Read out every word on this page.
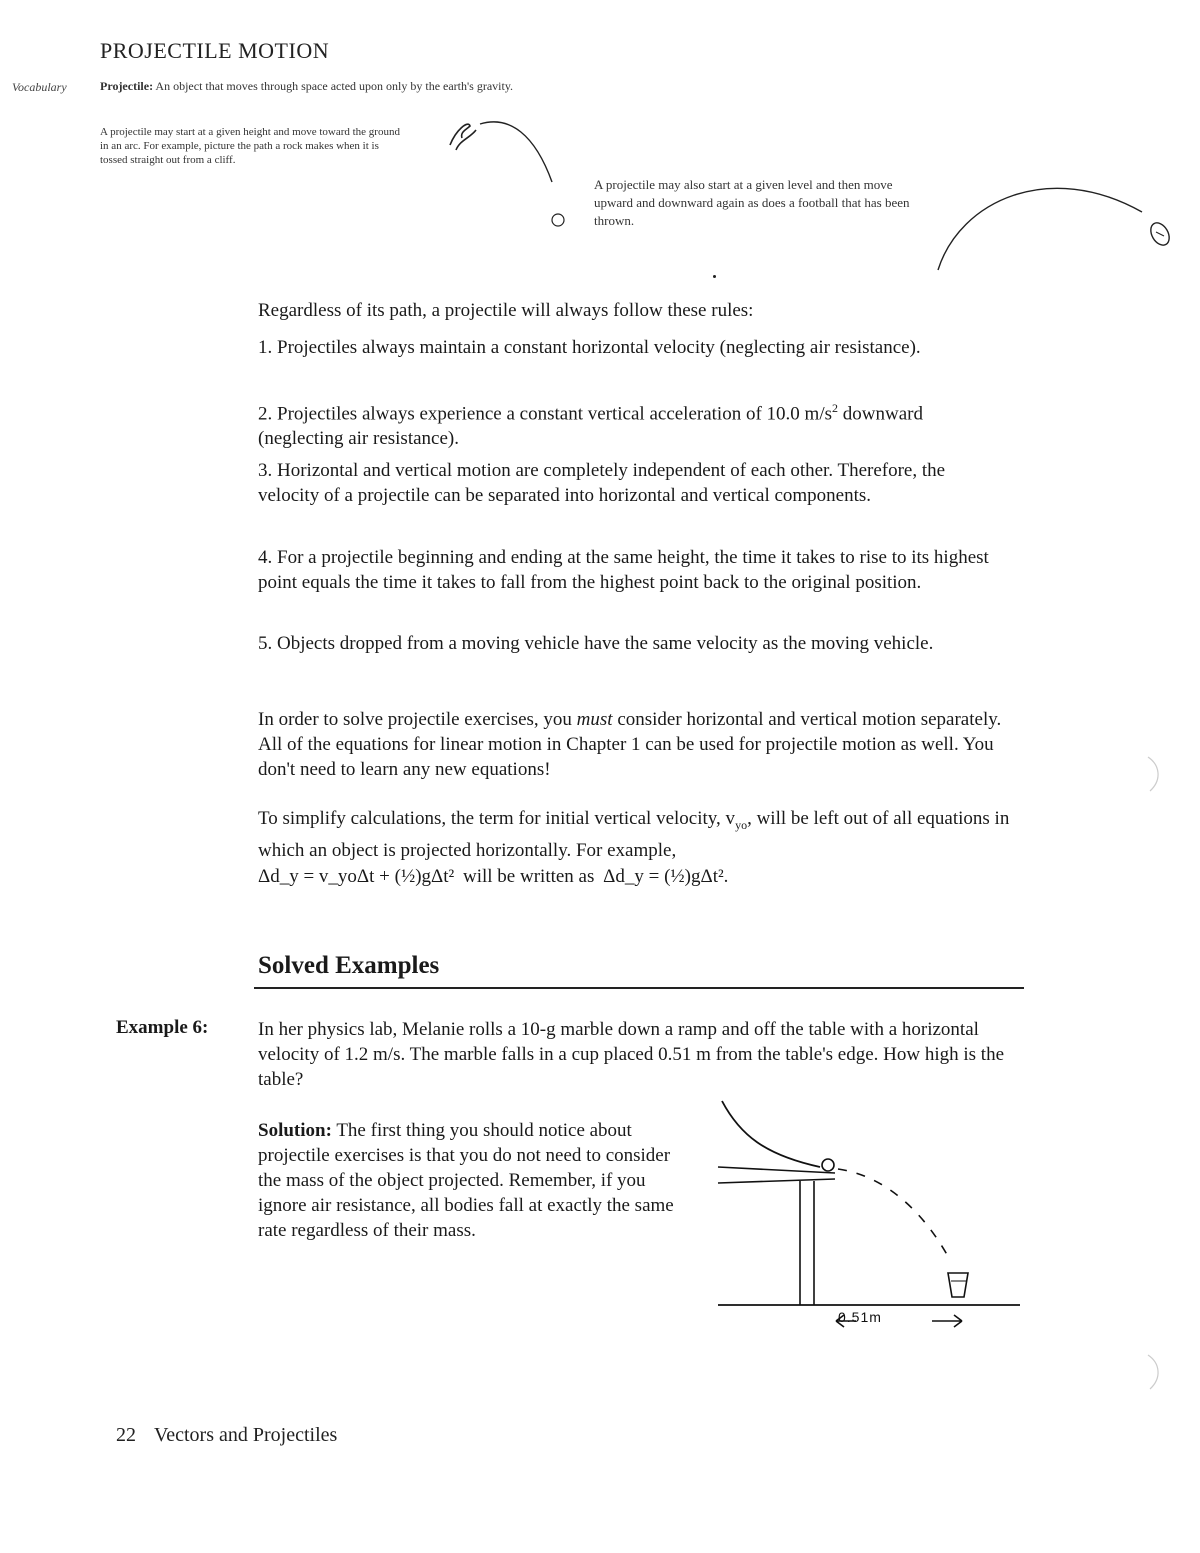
PROJECTILE MOTION
Vocabulary	Projectile: An object that moves through space acted upon only by the earth's gravity.
A projectile may start at a given height and move toward the ground in an arc. For example, picture the path a rock makes when it is tossed straight out from a cliff.
A projectile may also start at a given level and then move upward and downward again as does a football that has been thrown.
Regardless of its path, a projectile will always follow these rules:
1. Projectiles always maintain a constant horizontal velocity (neglecting air resistance).
2. Projectiles always experience a constant vertical acceleration of 10.0 $m/s^2$ downward (neglecting air resistance).
3. Horizontal and vertical motion are completely independent of each other. Therefore, the velocity of a projectile can be separated into horizontal and vertical components.
4. For a projectile beginning and ending at the same height, the time it takes to rise to its highest point equals the time it takes to fall from the highest point back to the original position.
5. Objects dropped from a moving vehicle have the same velocity as the moving vehicle.
In order to solve projectile exercises, you must consider horizontal and vertical motion separately. All of the equations for linear motion in Chapter 1 can be used for projectile motion as well. You don't need to learn any new equations!
To simplify calculations, the term for initial vertical velocity, $v_{yo}$, will be left out of all equations in which an object is projected horizontally. For example,
Δd_y = v_yoΔt + (½)gΔt² will be written as Δd_y = (½)gΔt².
Solved Examples
Example 6:	In her physics lab, Melanie rolls a 10-g marble down a ramp and off the table with a horizontal velocity of 1.2 m/s. The marble falls in a cup placed 0.51 m from the table's edge. How high is the table?
Solution: The first thing you should notice about projectile exercises is that you do not need to consider the mass of the object projected. Remember, if you ignore air resistance, all bodies fall at exactly the same rate regardless of their mass.
0.51m
22 Vectors and Projectiles
